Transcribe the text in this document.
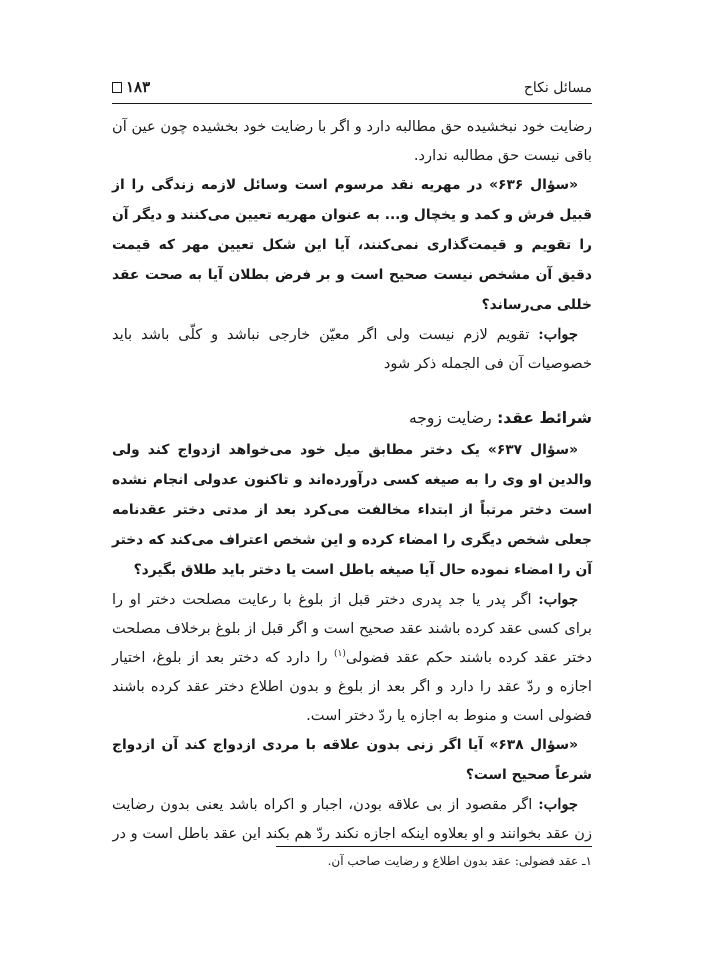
مسائل نکاح
۱۸۳

رضایت خود نبخشیده حق مطالبه دارد و اگر با رضایت خود بخشیده چون عین آن باقی نیست حق مطالبه ندارد.

«سؤال ۶۳۶» در مهریه نقد مرسوم است وسائل لازمه زندگی را از قبیل فرش و کمد و یخچال و... به عنوان مهریه تعیین می‌کنند و دیگر آن را تقویم و قیمت‌گذاری نمی‌کنند، آیا این شکل تعیین مهر که قیمت دقیق آن مشخص نیست صحیح است و بر فرض بطلان آیا به صحت عقد خللی می‌رساند؟

جواب: تقویم لازم نیست ولی اگر معیّن خارجی نباشد و کلّی باشد باید خصوصیات آن فی الجمله ذکر شود

شرائط عقد: رضایت زوجه

«سؤال ۶۳۷» یک دختر مطابق میل خود می‌خواهد ازدواج کند ولی والدین او وی را به صیغه کسی درآورده‌اند و تاکنون عدولی انجام نشده است دختر مرتباً از ابتداء مخالفت می‌کرد بعد از مدتی دختر عقدنامه جعلی شخص دیگری را امضاء کرده و این شخص اعتراف می‌کند که دختر آن را امضاء نموده حال آیا صیغه باطل است یا دختر باید طلاق بگیرد؟

جواب: اگر پدر یا جد پدری دختر قبل از بلوغ با رعایت مصلحت دختر او را برای کسی عقد کرده باشند عقد صحیح است و اگر قبل از بلوغ برخلاف مصلحت دختر عقد کرده باشند حکم عقد فضولی$^{(۱)}$ را دارد که دختر بعد از بلوغ، اختیار اجازه و ردّ عقد را دارد و اگر بعد از بلوغ و بدون اطلاع دختر عقد کرده باشند فضولی است و منوط به اجازه یا ردّ دختر است.

«سؤال ۶۳۸» آیا اگر زنی بدون علاقه با مردی ازدواج کند آن ازدواج شرعاً صحیح است؟

جواب: اگر مقصود از بی علاقه بودن، اجبار و اکراه باشد یعنی بدون رضایت زن عقد بخوانند و او بعلاوه اینکه اجازه نکند ردّ هم بکند این عقد باطل است و در

۱ـ عقد فضولی: عقد بدون اطلاع و رضایت صاحب آن.
